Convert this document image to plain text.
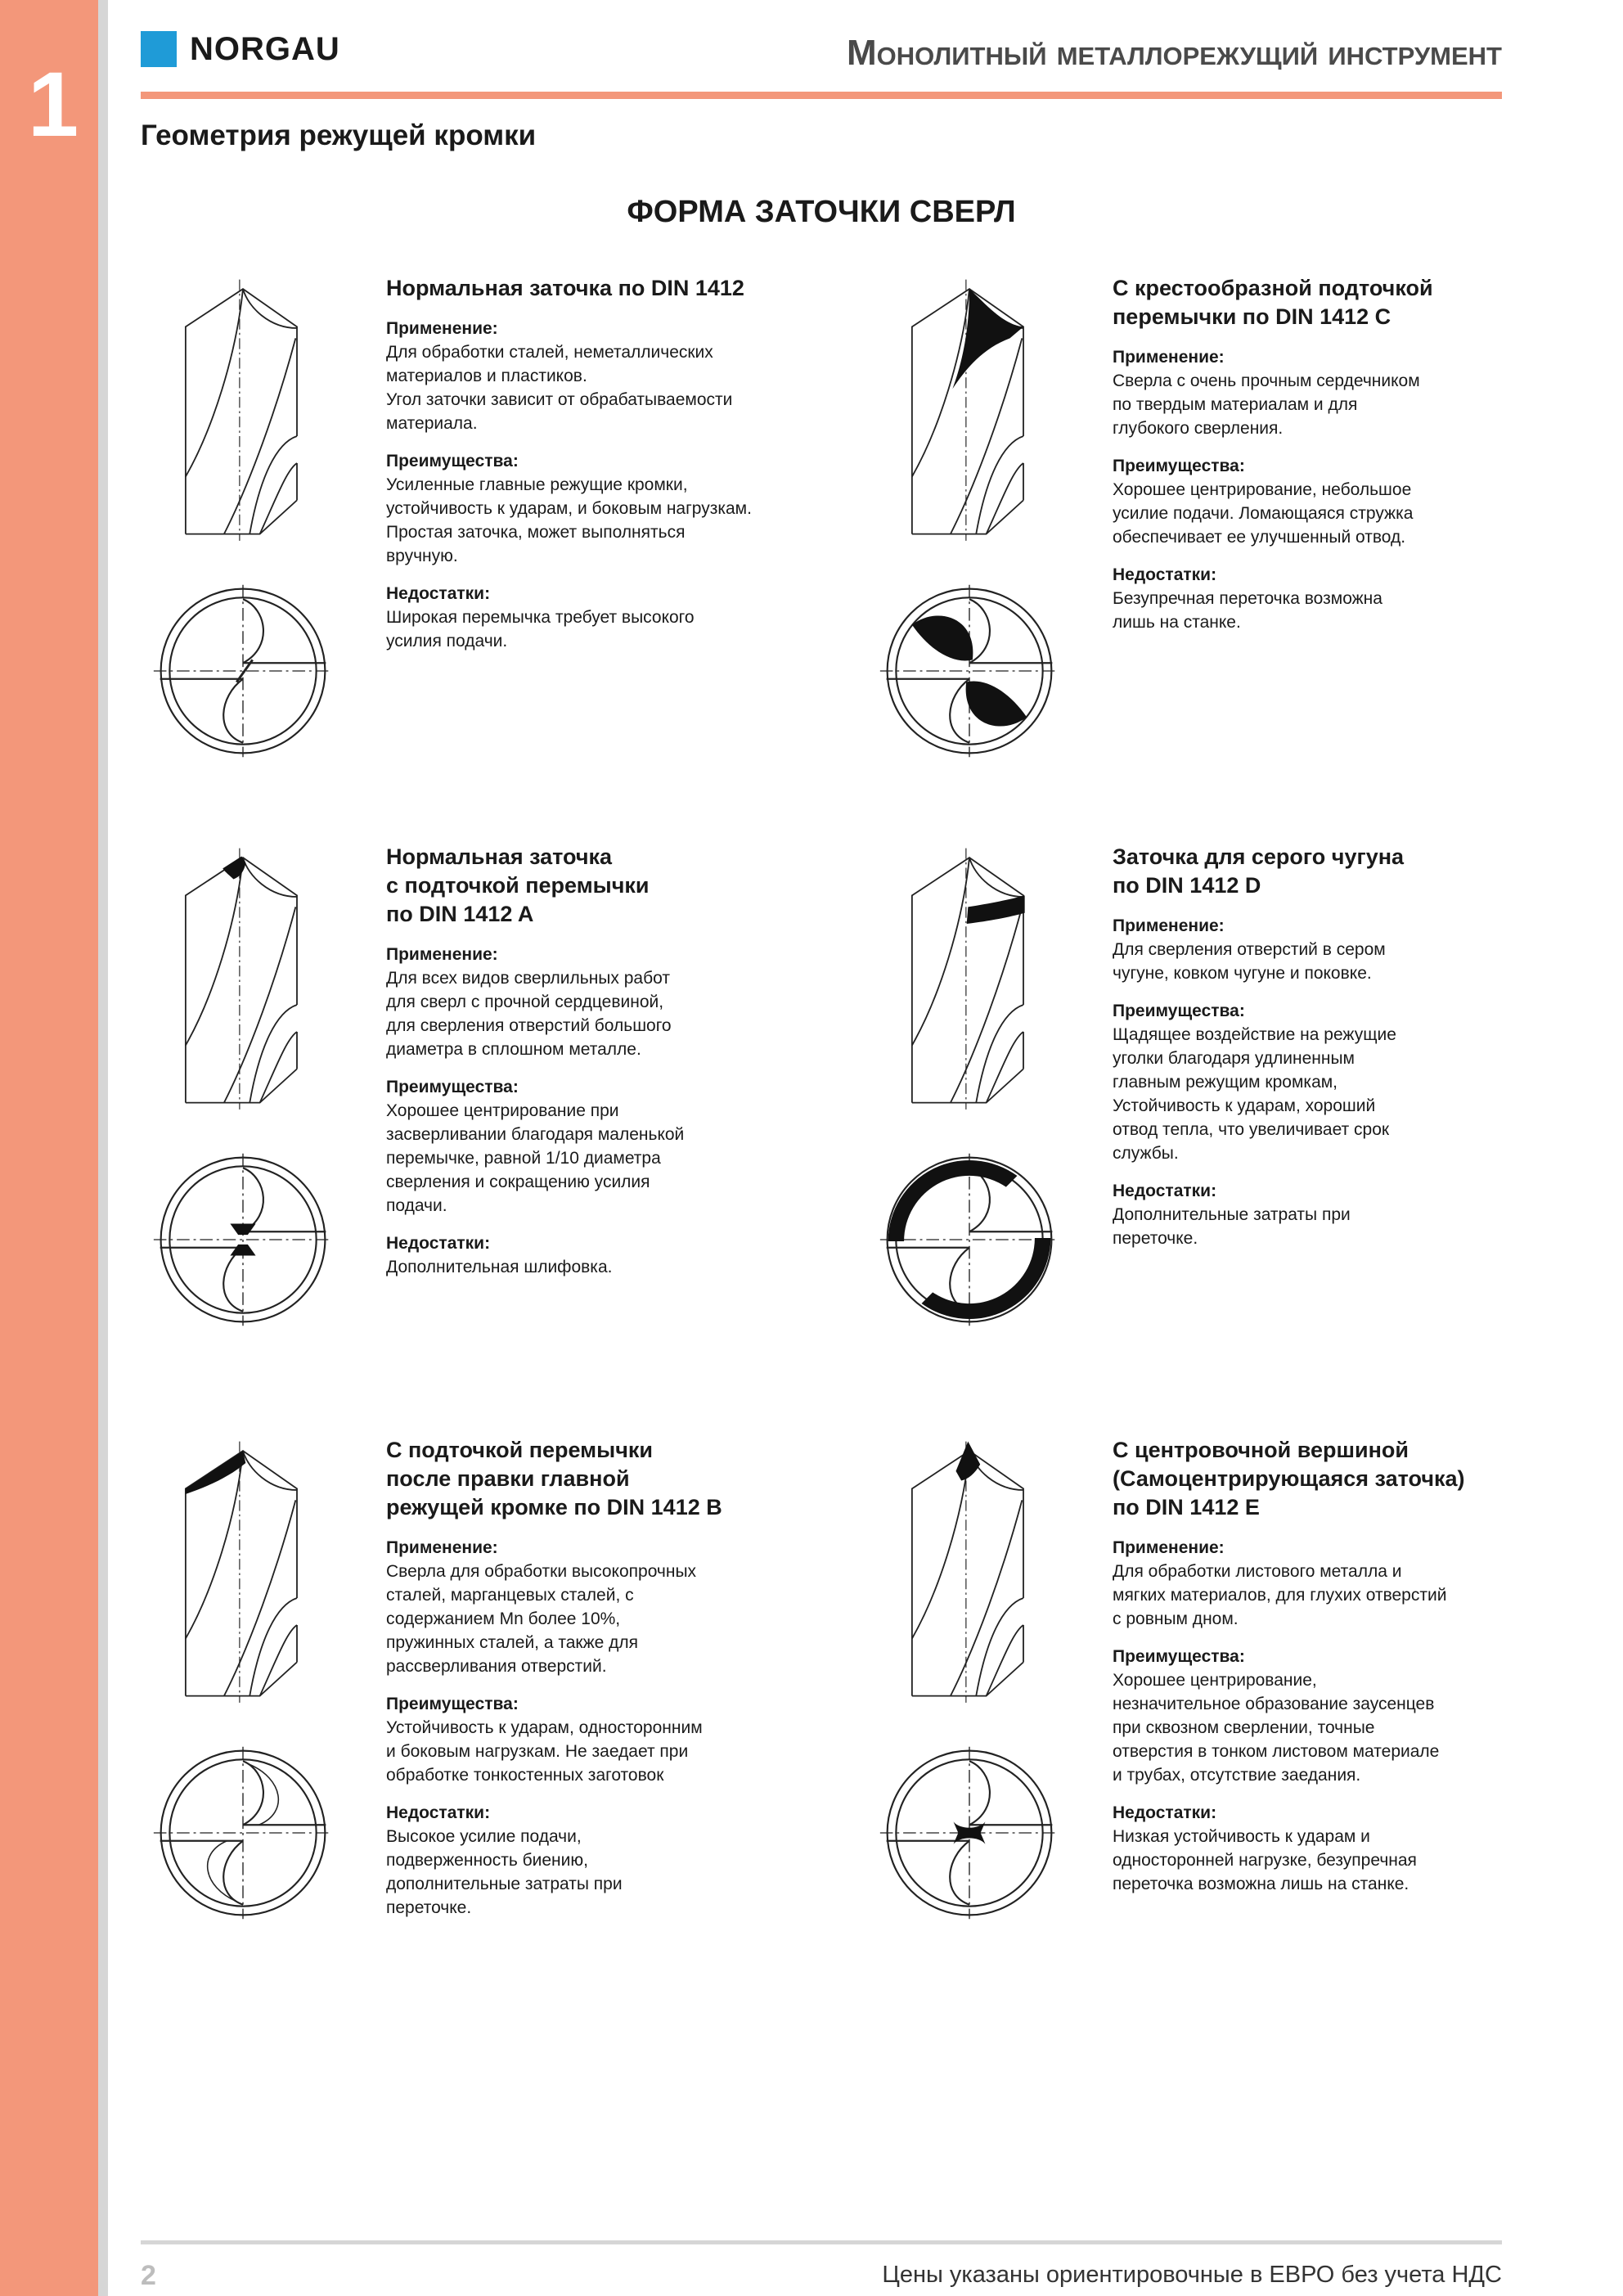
1
NORGAU	Монолитный металлорежущий инструмент
Геометрия режущей кромки
ФОРМА ЗАТОЧКИ СВЕРЛ
Нормальная заточка по DIN 1412
Применение:
Для обработки сталей, неметаллических
материалов и пластиков.
Угол заточки зависит от обрабатываемости
материала.
Преимущества:
Усиленные главные режущие кромки,
устойчивость к ударам, и боковым нагрузкам.
Простая заточка, может выполняться
вручную.
Недостатки:
Широкая перемычка требует высокого
усилия подачи.
С крестообразной подточкой
перемычки по DIN 1412 C
Применение:
Сверла с очень прочным сердечником
по твердым материалам и для
глубокого сверления.
Преимущества:
Хорошее центрирование, небольшое
усилие подачи. Ломающаяся стружка
обеспечивает ее улучшенный отвод.
Недостатки:
Безупречная переточка возможна
лишь на станке.
Нормальная заточка
с подточкой перемычки
по DIN 1412 A
Применение:
Для всех видов сверлильных работ
для сверл с прочной сердцевиной,
для сверления отверстий большого
диаметра в сплошном металле.
Преимущества:
Хорошее центрирование при
засверливании благодаря маленькой
перемычке, равной 1/10 диаметра
сверления и сокращению усилия
подачи.
Недостатки:
Дополнительная шлифовка.
Заточка для серого чугуна
по DIN 1412 D
Применение:
Для сверления отверстий в сером
чугуне, ковком чугуне и поковке.
Преимущества:
Щадящее воздействие на режущие
уголки благодаря удлиненным
главным режущим кромкам,
Устойчивость к ударам, хороший
отвод тепла, что увеличивает срок
службы.
Недостатки:
Дополнительные затраты при
переточке.
С подточкой перемычки
после правки главной
режущей кромке по DIN 1412 B
Применение:
Сверла для обработки высокопрочных
сталей, марганцевых сталей, с
содержанием Mn более 10%,
пружинных сталей, а также для
рассверливания отверстий.
Преимущества:
Устойчивость к ударам, односторонним
и боковым нагрузкам. Не заедает при
обработке тонкостенных заготовок
Недостатки:
Высокое усилие подачи,
подверженность биению,
дополнительные затраты при
переточке.
С центровочной вершиной
(Самоцентрирующаяся заточка)
по DIN 1412 E
Применение:
Для обработки листового металла и
мягких материалов, для глухих отверстий
с ровным дном.
Преимущества:
Хорошее центрирование,
незначительное образование заусенцев
при сквозном сверлении, точные
отверстия в тонком листовом материале
и трубах, отсутствие заедания.
Недостатки:
Низкая устойчивость к ударам и
односторонней нагрузке, безупречная
переточка возможна лишь на станке.
2	Цены указаны ориентировочные в ЕВРО без учета НДС
